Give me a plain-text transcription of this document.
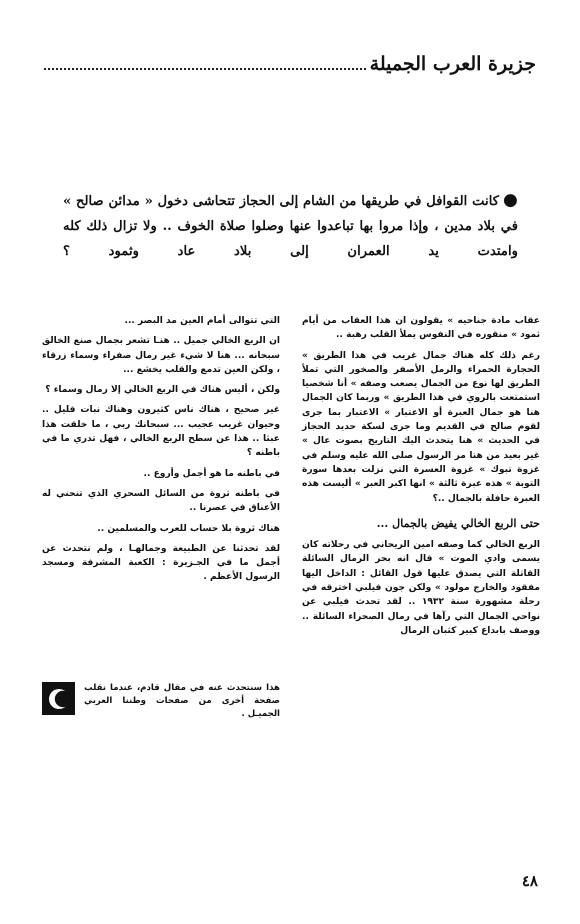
جزيرة العرب الجميلة
●كانت القوافل في طريقها من الشام إلى الحجاز تتحاشى دخول « مدائن صالح » في بلاد مدين ، وإذا مروا بها تباعدوا عنها وصلوا صلاة الخوف .. ولا تزال ذلك كله وامتدت يد العمران إلى بلاد عاد وثمود ؟

عقاب مادة جناحيه » يقولون ان هذا العقاب من أيام ثمود » منقوره في النفوس يملأ القلب رهبة ..

رغم ذلك كله هناك جمال غريب في هذا الطريق » الحجارة الحمراء والرمل الأصفر والصخور التي تملأ الطريق لها نوع من الجمال يصعب وصفه » أنا شخصيا استمتعت بالروي في هذا الطريق » وربما كان الجمال هنا هو جمال العبرة أو الاعتبار » الاعتبار بما جرى لقوم صالح في القديم وما جرى لسكة حديد الحجاز في الحديث » هنا يتحدث اليك التاريخ بصوت عال » غير بعيد من هنا مر الرسول صلى الله عليه وسلم في غزوة تبوك » غزوة العسرة التي نزلت بعدها سورة التوبة » هذه عبرة ثالثة » انها اكبر العبر » أليست هذه العبرة حافلة بالجمال ..؟

حتى الربع الخالي يفيض بالجمال ...

الربع الخالي كما وصفه امين الريحاني في رحلاته كان يسمى وادي الموت » قال انه بحر الرمال السائلة القاتلة التي يصدق عليها قول القائل : الداخل اليها مفقود والخارج مولود » ولكن جون فيلبي اخترقه في رحلة مشهورة سنة ١٩٣٢ .. لقد تحدث فيلبي عن نواحي الجمال التي رآها في رمال الصحراء السائلة .. ووصف بابداع كبير كثبان الرمال

التي تتوالى أمام العين مد البصر ...

ان الربع الخالي جميل .. هنـا تشعر بجمال صنع الخالق سبحانه ... هنا لا شيء غير رمال صفراء وسماء زرقاء ، ولكن العين تدمع والقلب يخشع ...

ولكن ، أليس هناك في الربع الخالي إلا رمال وسماء ؟

غير صحيح ، هناك ناس كثيرون وهناك نبات قليل .. وحيوان غريب عجيب ... سبحانك ربي ، ما خلقت هذا عبثا .. هذا عن سطح الربع الخالي ، فهل تدري ما في باطنه ؟

في باطنه ما هو أجمل وأروع ..

في باطنه ثروة من السائل السحري الذي تنحني له الأعناق في عصرنا ..

هناك ثروة بلا حساب للعرب والمسلمين ..

لقد تحدثنا عن الطبيعة وجمالهـا ، ولم نتحدث عن أجمل ما في الجـزيرة : الكعبة المشرفة ومسجد الرسول الأعظم .

هذا سنتحدث عنه في مقال قادم، عندما نقلب صفحة أخرى من صفحات وطننا العربي الجميـل .
٤٨
